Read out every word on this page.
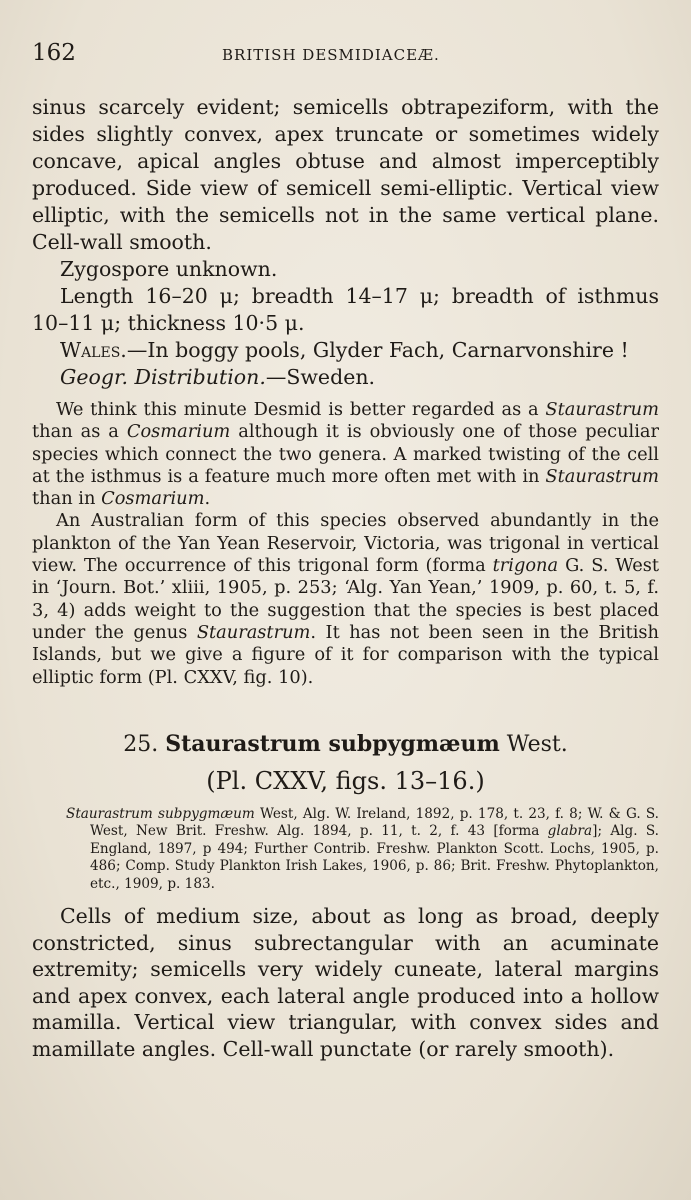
162	BRITISH DESMIDIACEÆ.

sinus scarcely evident; semicells obtrapeziform, with the sides slightly convex, apex truncate or sometimes widely concave, apical angles obtuse and almost imperceptibly produced. Side view of semicell semi-elliptic. Vertical view elliptic, with the semicells not in the same vertical plane. Cell-wall smooth.

Zygospore unknown.

Length 16–20 μ; breadth 14–17 μ; breadth of isthmus 10–11 μ; thickness 10·5 μ.

Wales.—In boggy pools, Glyder Fach, Carnarvonshire !

Geogr. Distribution.—Sweden.

We think this minute Desmid is better regarded as a Staurastrum than as a Cosmarium although it is obviously one of those peculiar species which connect the two genera. A marked twisting of the cell at the isthmus is a feature much more often met with in Staurastrum than in Cosmarium.

An Australian form of this species observed abundantly in the plankton of the Yan Yean Reservoir, Victoria, was trigonal in vertical view. The occurrence of this trigonal form (forma trigona G. S. West in ‘Journ. Bot.’ xliii, 1905, p. 253; ‘Alg. Yan Yean,’ 1909, p. 60, t. 5, f. 3, 4) adds weight to the suggestion that the species is best placed under the genus Staurastrum. It has not been seen in the British Islands, but we give a figure of it for comparison with the typical elliptic form (Pl. CXXV, fig. 10).

25. Staurastrum subpygmæum West.
(Pl. CXXV, figs. 13–16.)
Staurastrum subpygmæum West, Alg. W. Ireland, 1892, p. 178, t. 23, f. 8; W. & G. S. West, New Brit. Freshw. Alg. 1894, p. 11, t. 2, f. 43 [forma glabra]; Alg. S. England, 1897, p 494; Further Contrib. Freshw. Plankton Scott. Lochs, 1905, p. 486; Comp. Study Plankton Irish Lakes, 1906, p. 86; Brit. Freshw. Phytoplankton, etc., 1909, p. 183.
Cells of medium size, about as long as broad, deeply constricted, sinus subrectangular with an acuminate extremity; semicells very widely cuneate, lateral margins and apex convex, each lateral angle produced into a hollow mamilla. Vertical view triangular, with convex sides and mamillate angles. Cell-wall punctate (or rarely smooth).
